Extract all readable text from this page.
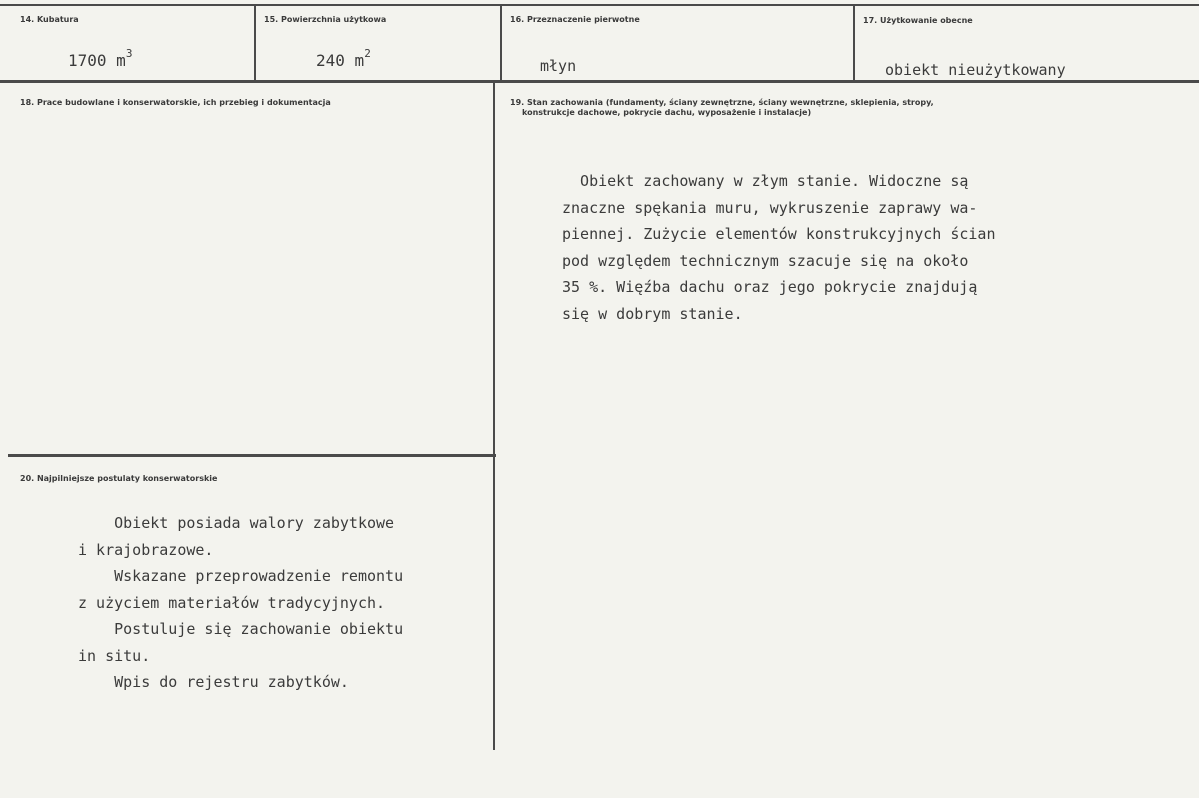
14. Kubatura
1700 $m^3$
15. Powierzchnia użytkowa
240 $m^2$
16. Przeznaczenie pierwotne
młyn
17. Użytkowanie obecne
obiekt nieużytkowany
18. Prace budowlane i konserwatorskie, ich przebieg i dokumentacja	19. Stan zachowania (fundamenty, ściany zewnętrzne, ściany wewnętrzne, sklepienia, stropy,
konstrukcje dachowe, pokrycie dachu, wyposażenie i instalacje)
Obiekt zachowany w złym stanie. Widoczne są
znaczne spękania muru, wykruszenie zaprawy wa-
piennej. Zużycie elementów konstrukcyjnych ścian
pod względem technicznym szacuje się na około
35 %. Więźba dachu oraz jego pokrycie znajdują
się w dobrym stanie.
20. Najpilniejsze postulaty konserwatorskie
Obiekt posiada walory zabytkowe
i krajobrazowe.
Wskazane przeprowadzenie remontu
z użyciem materiałów tradycyjnych.
Postuluje się zachowanie obiektu
in situ.
Wpis do rejestru zabytków.
